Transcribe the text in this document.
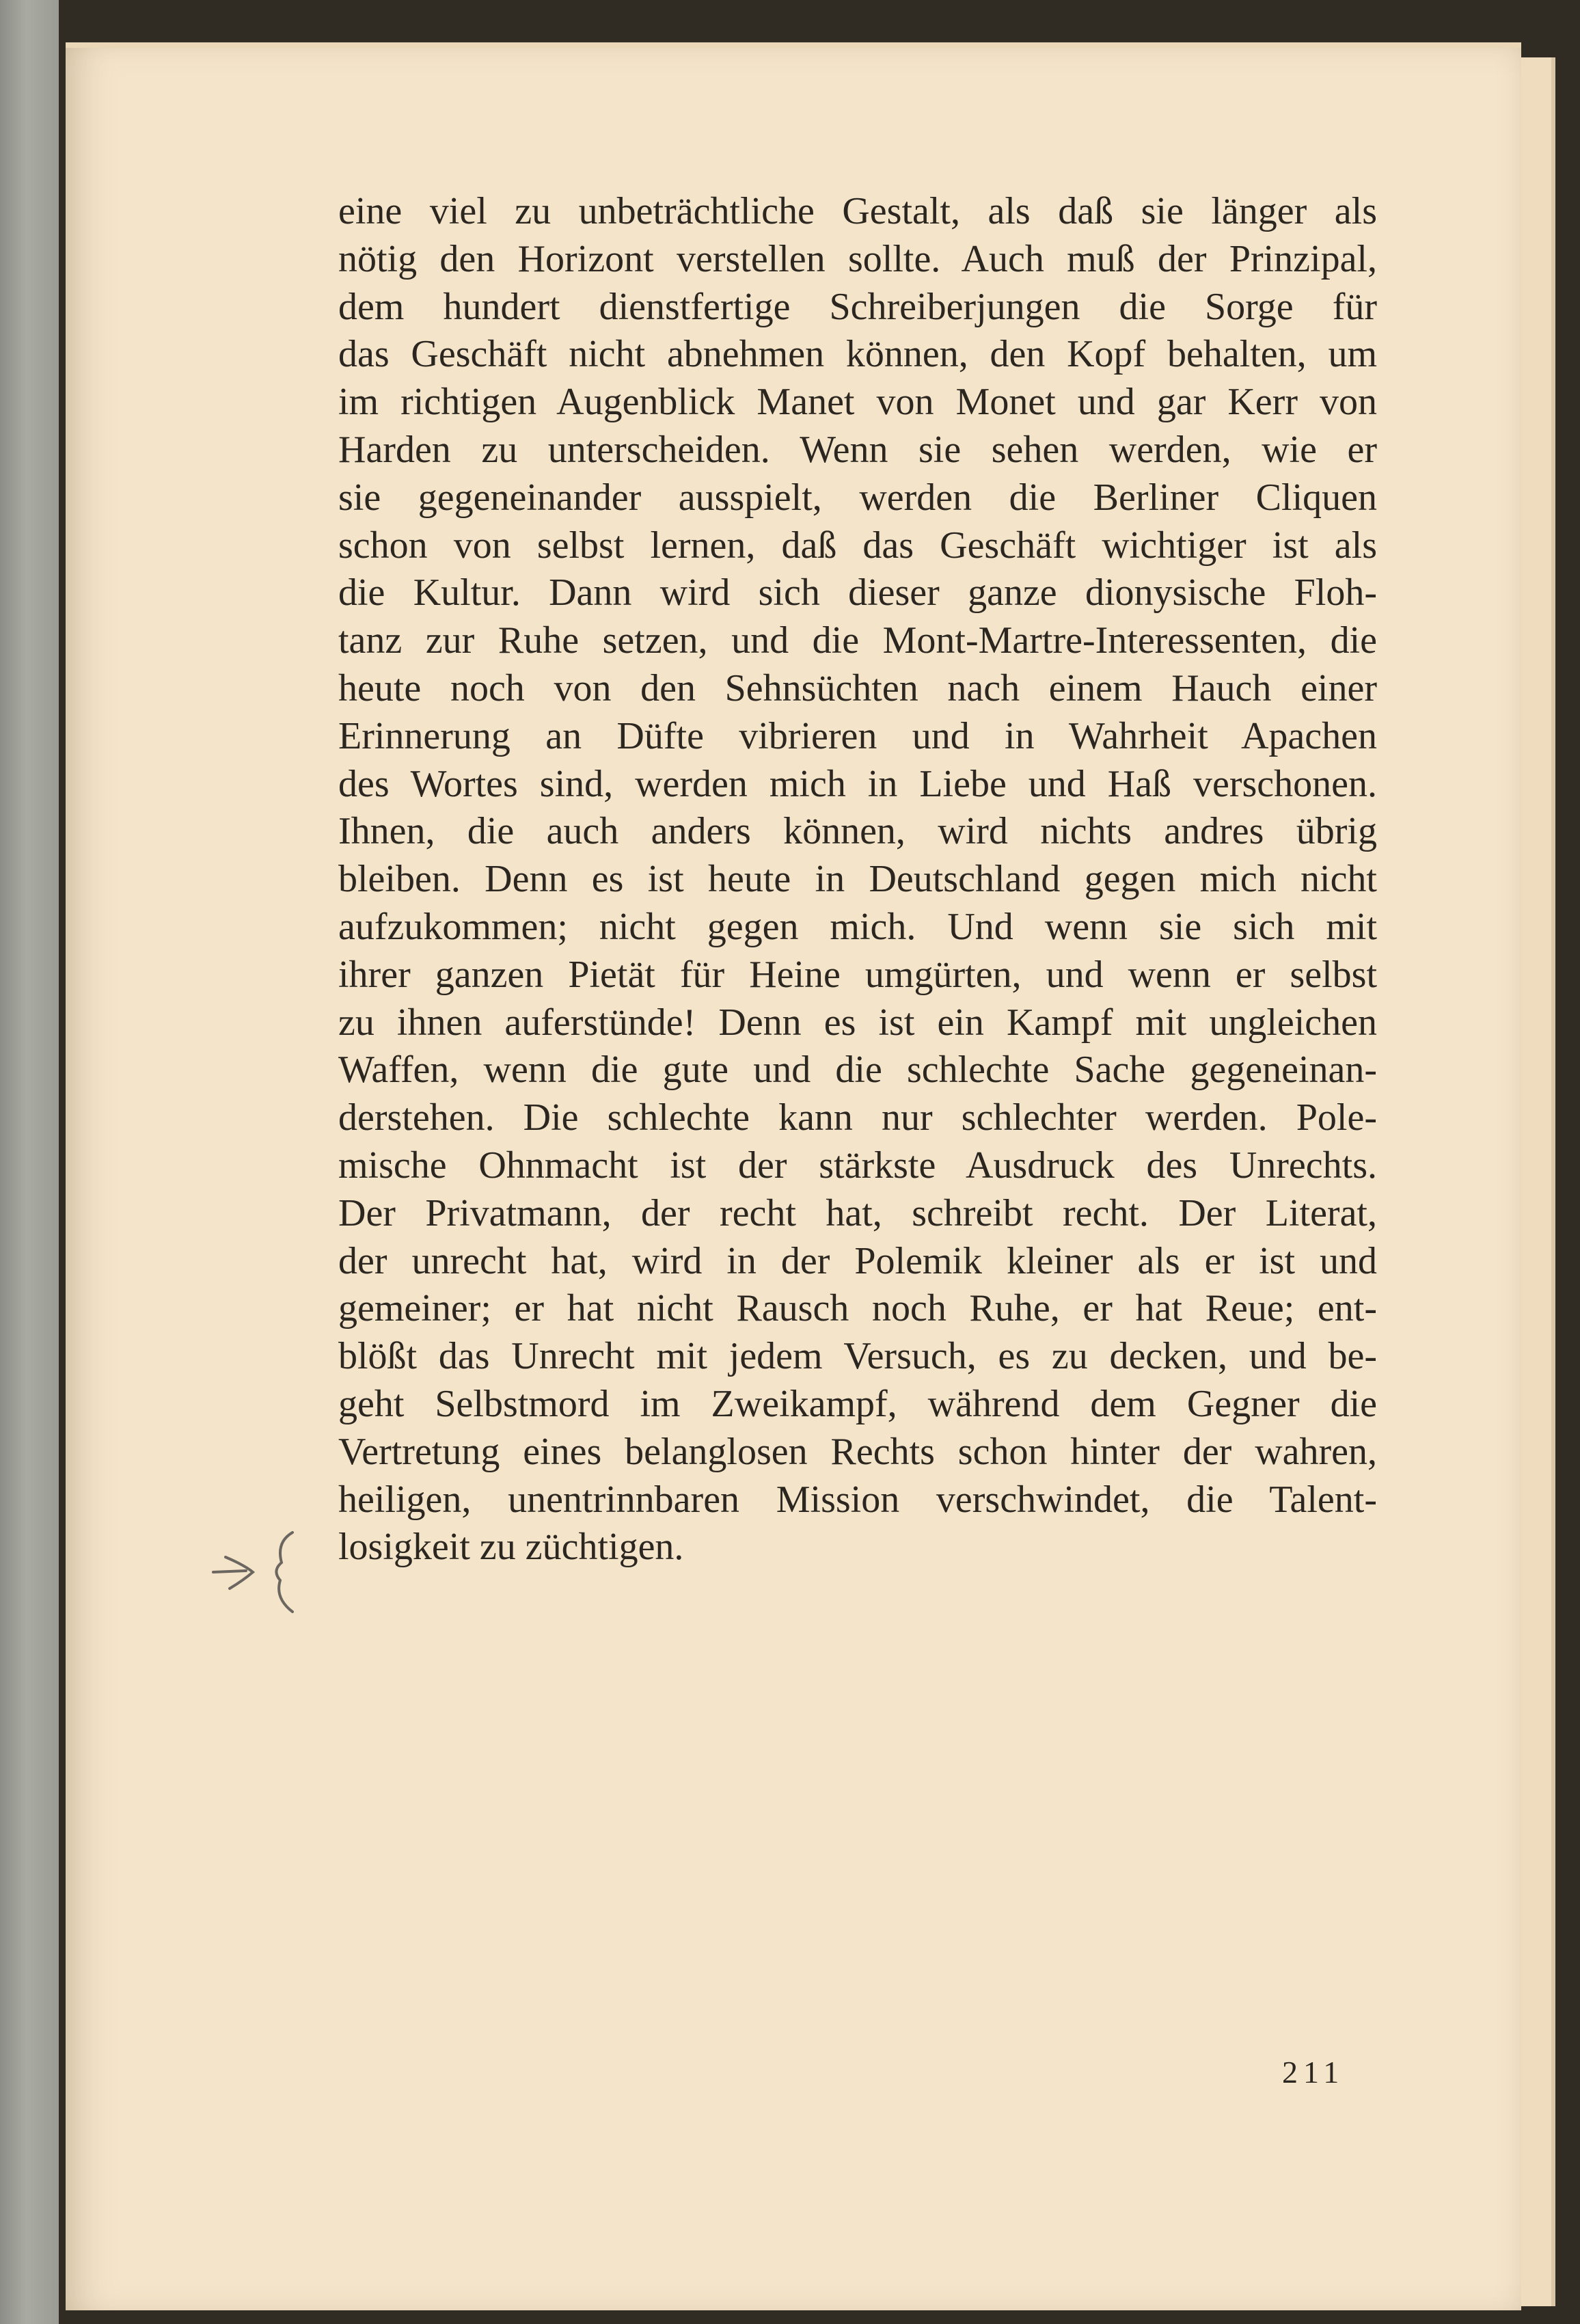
eine viel zu unbeträchtliche Gestalt, als daß sie länger als
nötig den Horizont verstellen sollte. Auch muß der Prinzipal,
dem hundert dienstfertige Schreiberjungen die Sorge für
das Geschäft nicht abnehmen können, den Kopf behalten, um
im richtigen Augenblick Manet von Monet und gar Kerr von
Harden zu unterscheiden. Wenn sie sehen werden, wie er
sie gegeneinander ausspielt, werden die Berliner Cliquen
schon von selbst lernen, daß das Geschäft wichtiger ist als
die Kultur. Dann wird sich dieser ganze dionysische Floh-
tanz zur Ruhe setzen, und die Mont-Martre-Interessenten, die
heute noch von den Sehnsüchten nach einem Hauch einer
Erinnerung an Düfte vibrieren und in Wahrheit Apachen
des Wortes sind, werden mich in Liebe und Haß verschonen.
Ihnen, die auch anders können, wird nichts andres übrig
bleiben. Denn es ist heute in Deutschland gegen mich nicht
aufzukommen; nicht gegen mich. Und wenn sie sich mit
ihrer ganzen Pietät für Heine umgürten, und wenn er selbst
zu ihnen auferstünde! Denn es ist ein Kampf mit ungleichen
Waffen, wenn die gute und die schlechte Sache gegeneinan-
derstehen. Die schlechte kann nur schlechter werden. Pole-
mische Ohnmacht ist der stärkste Ausdruck des Unrechts.
Der Privatmann, der recht hat, schreibt recht. Der Literat,
der unrecht hat, wird in der Polemik kleiner als er ist und
gemeiner; er hat nicht Rausch noch Ruhe, er hat Reue; ent-
blößt das Unrecht mit jedem Versuch, es zu decken, und be-
geht Selbstmord im Zweikampf, während dem Gegner die
Vertretung eines belanglosen Rechts schon hinter der wahren,
heiligen, unentrinnbaren Mission verschwindet, die Talent-
losigkeit zu züchtigen.
211
